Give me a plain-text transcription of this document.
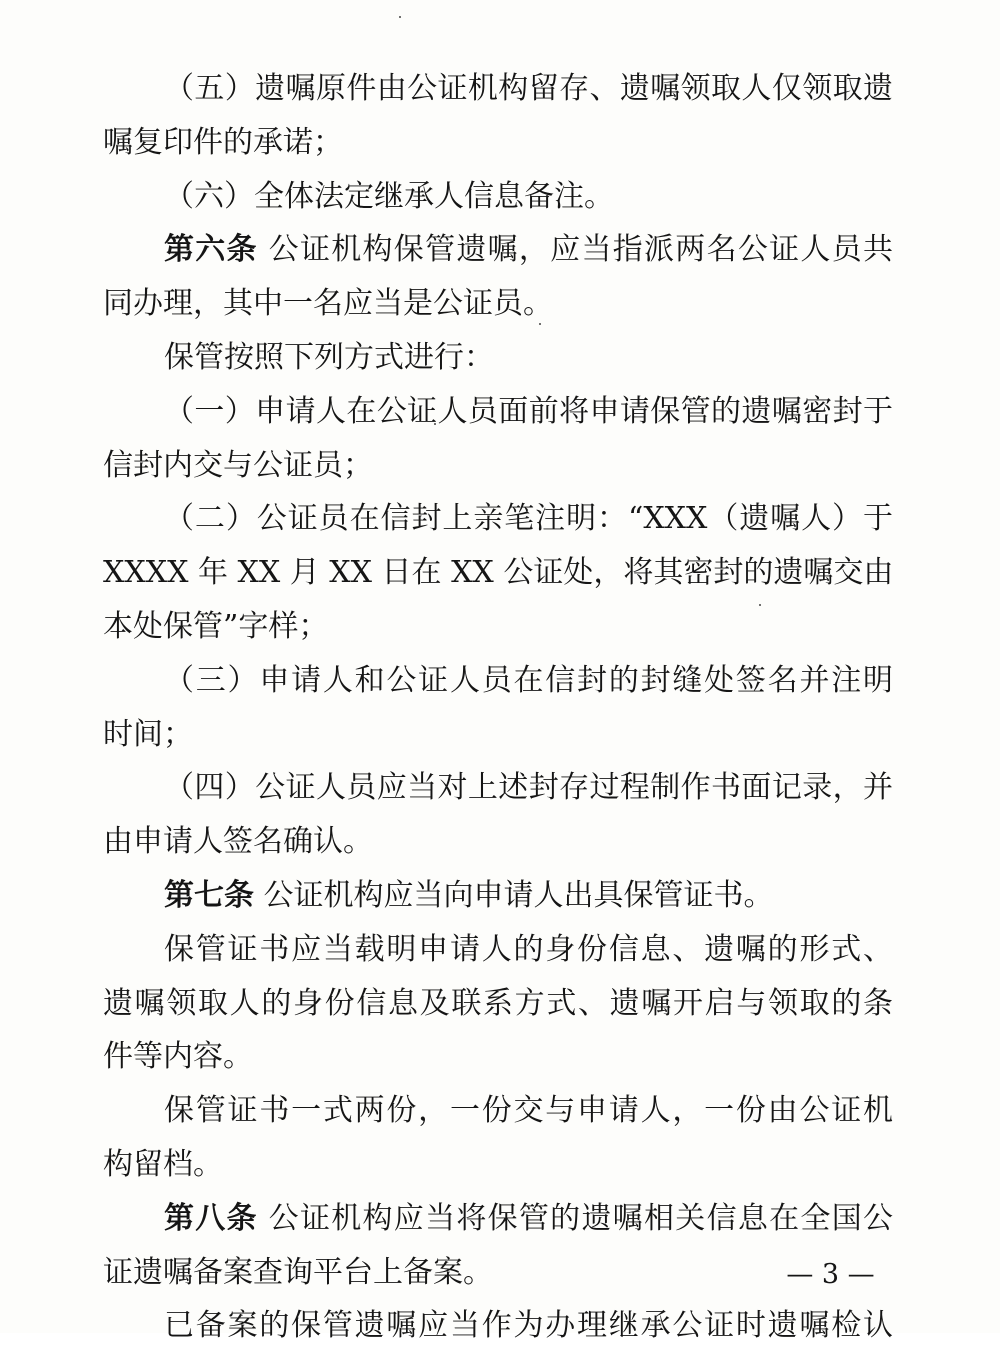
（五）遗嘱原件由公证机构留存、遗嘱领取人仅领取遗
嘱复印件的承诺；
（六）全体法定继承人信息备注。
第六条 公证机构保管遗嘱，应当指派两名公证人员共
同办理，其中一名应当是公证员。
保管按照下列方式进行：
（一）申请人在公证人员面前将申请保管的遗嘱密封于
信封内交与公证员；
（二）公证员在信封上亲笔注明：“XXX（遗嘱人）于
XXXX 年 XX 月 XX 日在 XX 公证处，将其密封的遗嘱交由
本处保管”字样；
（三）申请人和公证人员在信封的封缝处签名并注明
时间；
（四）公证人员应当对上述封存过程制作书面记录，并
由申请人签名确认。
第七条 公证机构应当向申请人出具保管证书。
保管证书应当载明申请人的身份信息、遗嘱的形式、
遗嘱领取人的身份信息及联系方式、遗嘱开启与领取的条
件等内容。
保管证书一式两份，一份交与申请人，一份由公证机
构留档。
第八条 公证机构应当将保管的遗嘱相关信息在全国公
证遗嘱备案查询平台上备案。
已备案的保管遗嘱应当作为办理继承公证时遗嘱检认
— 3 —
